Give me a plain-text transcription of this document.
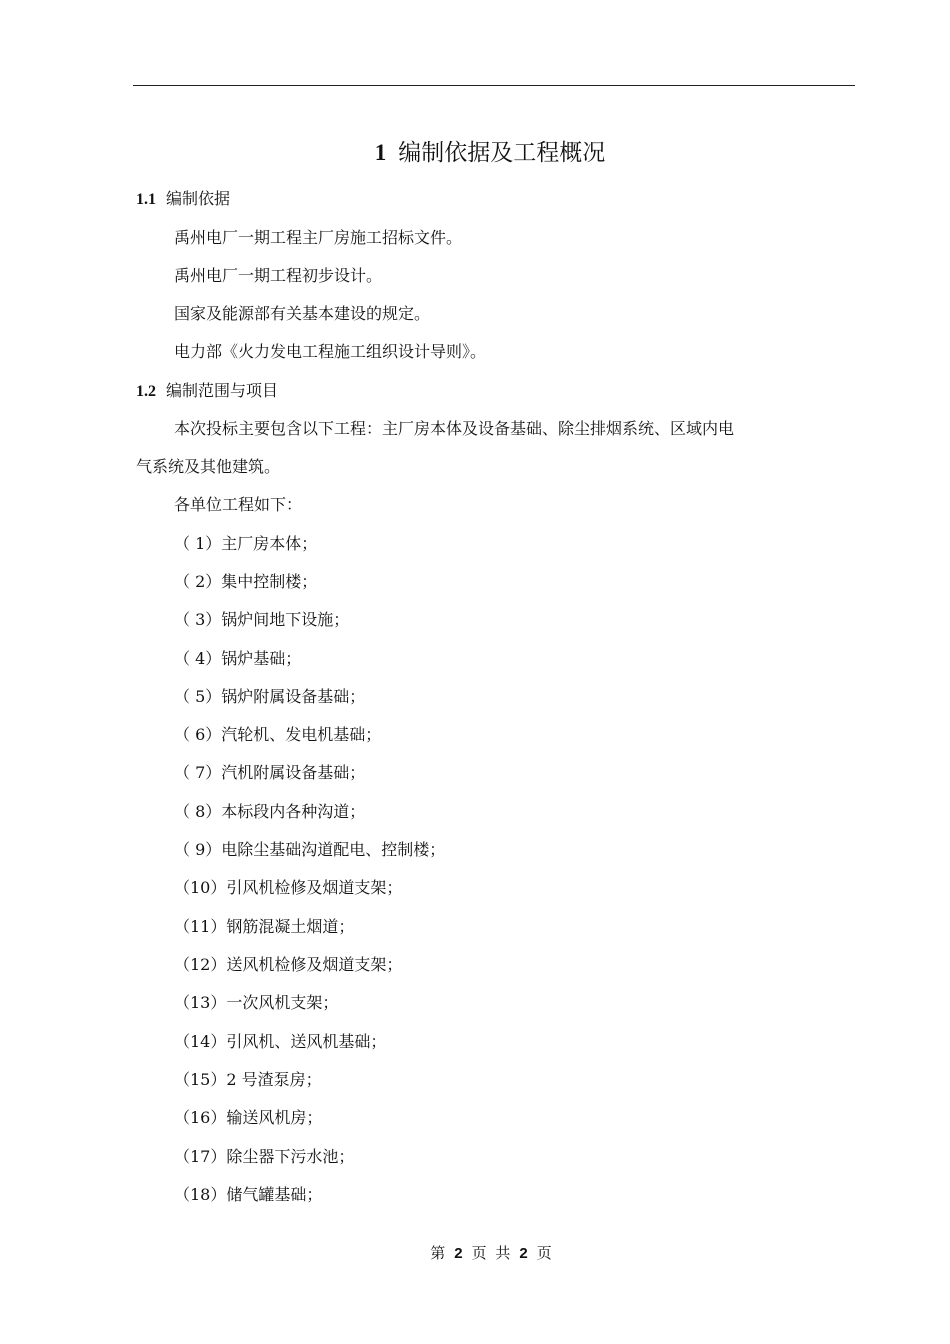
1 编制依据及工程概况
1.1 编制依据
禹州电厂一期工程主厂房施工招标文件。
禹州电厂一期工程初步设计。
国家及能源部有关基本建设的规定。
电力部《火力发电工程施工组织设计导则》。
1.2 编制范围与项目
本次投标主要包含以下工程：主厂房本体及设备基础、除尘排烟系统、区域内电
气系统及其他建筑。
各单位工程如下：
（ 1）主厂房本体；
（ 2）集中控制楼；
（ 3）锅炉间地下设施；
（ 4）锅炉基础；
（ 5）锅炉附属设备基础；
（ 6）汽轮机、发电机基础；
（ 7）汽机附属设备基础；
（ 8）本标段内各种沟道；
（ 9）电除尘基础沟道配电、控制楼；
（10）引风机检修及烟道支架；
（11）钢筋混凝土烟道；
（12）送风机检修及烟道支架；
（13）一次风机支架；
（14）引风机、送风机基础；
（15）2 号渣泵房；
（16）输送风机房；
（17）除尘器下污水池；
（18）储气罐基础；
第 2 页 共 2 页
